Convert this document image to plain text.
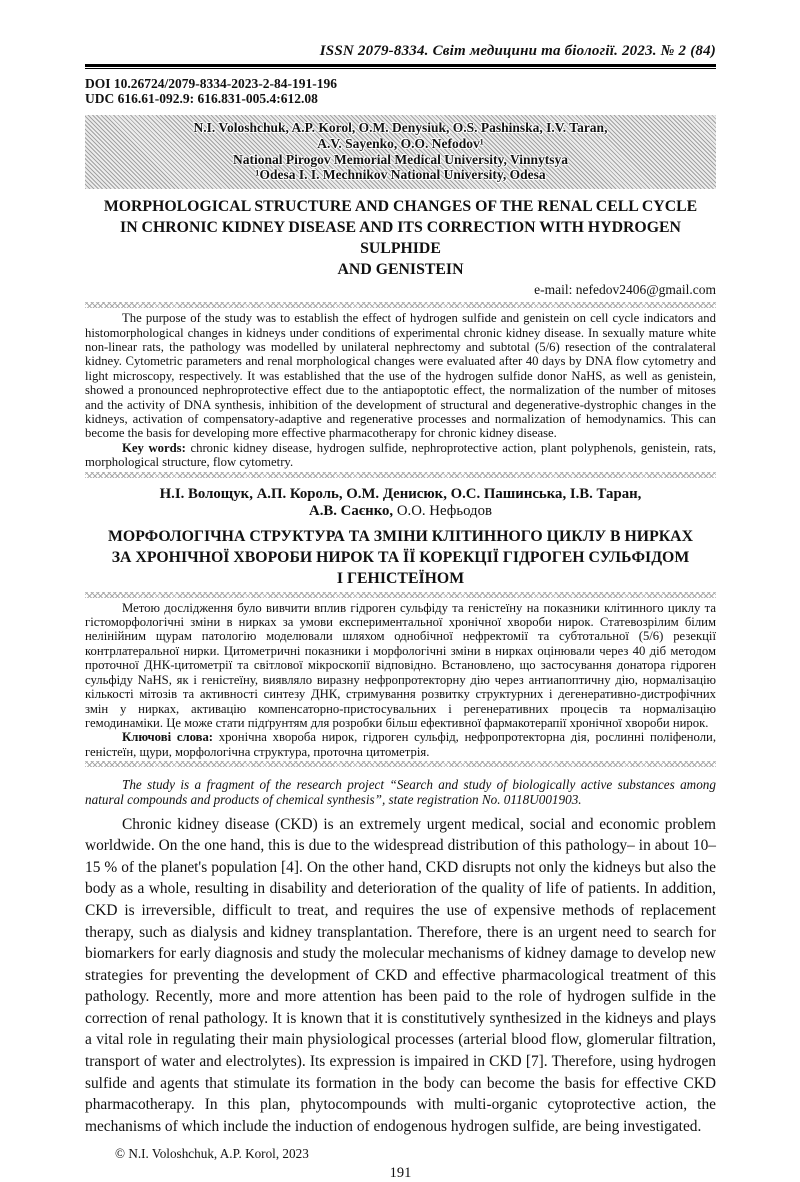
ISSN 2079-8334. Світ медицини та біології. 2023. № 2 (84)
DOI 10.26724/2079-8334-2023-2-84-191-196
UDC 616.61-092.9: 616.831-005.4:612.08
N.I. Voloshchuk, A.P. Korol, O.M. Denysiuk, O.S. Pashinska, I.V. Taran,
A.V. Sayenko, O.O. Nefodov¹
National Pirogov Memorial Medical University, Vinnytsya
¹Odesa I. I. Mechnikov National University, Odesa
MORPHOLOGICAL STRUCTURE AND CHANGES OF THE RENAL CELL CYCLE
IN CHRONIC KIDNEY DISEASE AND ITS CORRECTION WITH HYDROGEN SULPHIDE
AND GENISTEIN
e-mail: nefedov2406@gmail.com

The purpose of the study was to establish the effect of hydrogen sulfide and genistein on cell cycle indicators and histomorphological changes in kidneys under conditions of experimental chronic kidney disease. In sexually mature white non-linear rats, the pathology was modelled by unilateral nephrectomy and subtotal (5/6) resection of the contralateral kidney. Cytometric parameters and renal morphological changes were evaluated after 40 days by DNA flow cytometry and light microscopy, respectively. It was established that the use of the hydrogen sulfide donor NaHS, as well as genistein, showed a pronounced nephroprotective effect due to the antiapoptotic effect, the normalization of the number of mitoses and the activity of DNA synthesis, inhibition of the development of structural and degenerative-dystrophic changes in the kidneys, activation of compensatory-adaptive and regenerative processes and normalization of hemodynamics. This can become the basis for developing more effective pharmacotherapy for chronic kidney disease.

Key words: chronic kidney disease, hydrogen sulfide, nephroprotective action, plant polyphenols, genistein, rats, morphological structure, flow cytometry.

Н.І. Волощук, А.П. Король, О.М. Денисюк, О.С. Пашинська, І.В. Таран,
А.В. Саєнко, О.О. Нефьодов
МОРФОЛОГІЧНА СТРУКТУРА ТА ЗМІНИ КЛІТИННОГО ЦИКЛУ В НИРКАХ
ЗА ХРОНІЧНОЇ ХВОРОБИ НИРОК ТА ЇЇ КОРЕКЦІЇ ГІДРОГЕН СУЛЬФІДОМ
І ГЕНІСТЕЇНОМ

Метою дослідження було вивчити вплив гідроген сульфіду та геністеїну на показники клітинного циклу та гістоморфологічні зміни в нирках за умови експериментальної хронічної хвороби нирок. Статевозрілим білим нелінійним щурам патологію моделювали шляхом однобічної нефректомії та субтотальної (5/6) резекції контрлатеральної нирки. Цитометричні показники і морфологічні зміни в нирках оцінювали через 40 діб методом проточної ДНК-цитометрії та світлової мікроскопії відповідно. Встановлено, що застосування донатора гідроген сульфіду NaHS, як і геністеїну, виявляло виразну нефропротекторну дію через антиапоптичну дію, нормалізацію кількості мітозів та активності синтезу ДНК, стримування розвитку структурних і дегенеративно-дистрофічних змін у нирках, активацію компенсаторно-пристосувальних і регенеративних процесів та нормалізацію гемодинаміки. Це може стати підґрунтям для розробки більш ефективної фармакотерапії хронічної хвороби нирок.

Ключові слова: хронічна хвороба нирок, гідроген сульфід, нефропротекторна дія, рослинні поліфеноли, геністеїн, щури, морфологічна структура, проточна цитометрія.

The study is a fragment of the research project “Search and study of biologically active substances among natural compounds and products of chemical synthesis”, state registration No. 0118U001903.

Chronic kidney disease (CKD) is an extremely urgent medical, social and economic problem worldwide. On the one hand, this is due to the widespread distribution of this pathology– in about 10–15 % of the planet's population [4]. On the other hand, CKD disrupts not only the kidneys but also the body as a whole, resulting in disability and deterioration of the quality of life of patients. In addition, CKD is irreversible, difficult to treat, and requires the use of expensive methods of replacement therapy, such as dialysis and kidney transplantation. Therefore, there is an urgent need to search for biomarkers for early diagnosis and study the molecular mechanisms of kidney damage to develop new strategies for preventing the development of CKD and effective pharmacological treatment of this pathology. Recently, more and more attention has been paid to the role of hydrogen sulfide in the correction of renal pathology. It is known that it is constitutively synthesized in the kidneys and plays a vital role in regulating their main physiological processes (arterial blood flow, glomerular filtration, transport of water and electrolytes). Its expression is impaired in CKD [7]. Therefore, using hydrogen sulfide and agents that stimulate its formation in the body can become the basis for effective CKD pharmacotherapy. In this plan, phytocompounds with multi-organic cytoprotective action, the mechanisms of which include the induction of endogenous hydrogen sulfide, are being investigated.

© N.I. Voloshchuk, A.P. Korol, 2023
191
